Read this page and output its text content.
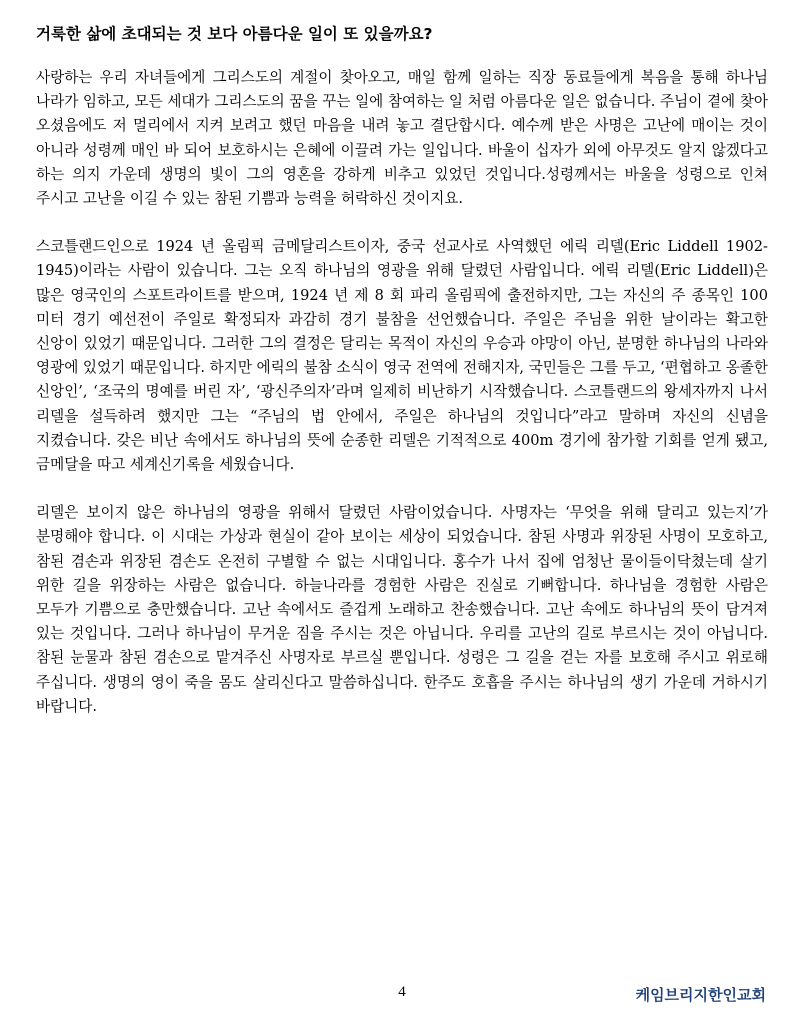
거룩한 삶에 초대되는 것 보다 아름다운 일이 또 있을까요?

사랑하는 우리 자녀들에게 그리스도의 계절이 찾아오고, 매일 함께 일하는 직장 동료들에게 복음을 통해 하나님 나라가 임하고, 모든 세대가 그리스도의 꿈을 꾸는 일에 참여하는 일 처럼 아름다운 일은 없습니다. 주님이 곁에 찾아 오셨음에도 저 멀리에서 지켜 보려고 했던 마음을 내려 놓고 결단합시다. 예수께 받은 사명은 고난에 매이는 것이 아니라 성령께 매인 바 되어 보호하시는 은혜에 이끌려 가는 일입니다. 바울이 십자가 외에 아무것도 알지 않겠다고 하는 의지 가운데 생명의 빛이 그의 영혼을 강하게 비추고 있었던 것입니다.성령께서는 바울을 성령으로 인쳐 주시고 고난을 이길 수 있는 참된 기쁨과 능력을 허락하신 것이지요.

스코틀랜드인으로 1924 년 올림픽 금메달리스트이자, 중국 선교사로 사역했던 에릭 리델(Eric Liddell 1902-1945)이라는 사람이 있습니다. 그는 오직 하나님의 영광을 위해 달렸던 사람입니다. 에릭 리델(Eric Liddell)은 많은 영국인의 스포트라이트를 받으며, 1924 년 제 8 회 파리 올림픽에 출전하지만, 그는 자신의 주 종목인 100 미터 경기 예선전이 주일로 확정되자 과감히 경기 불참을 선언했습니다. 주일은 주님을 위한 날이라는 확고한 신앙이 있었기 때문입니다. 그러한 그의 결정은 달리는 목적이 자신의 우승과 야망이 아닌, 분명한 하나님의 나라와 영광에 있었기 때문입니다. 하지만 에릭의 불참 소식이 영국 전역에 전해지자, 국민들은 그를 두고, ‘편협하고 옹졸한 신앙인’, ‘조국의 명예를 버린 자’, ‘광신주의자’라며 일제히 비난하기 시작했습니다. 스코틀랜드의 왕세자까지 나서 리델을 설득하려 했지만 그는 “주님의 법 안에서, 주일은 하나님의 것입니다”라고 말하며 자신의 신념을 지켰습니다. 갖은 비난 속에서도 하나님의 뜻에 순종한 리델은 기적적으로 400m 경기에 참가할 기회를 얻게 됐고, 금메달을 따고 세계신기록을 세웠습니다.

리델은 보이지 않은 하나님의 영광을 위해서 달렸던 사람이었습니다. 사명자는 ‘무엇을 위해 달리고 있는지’가 분명해야 합니다. 이 시대는 가상과 현실이 같아 보이는 세상이 되었습니다. 참된 사명과 위장된 사명이 모호하고, 참된 겸손과 위장된 겸손도 온전히 구별할 수 없는 시대입니다. 홍수가 나서 집에 엄청난 물이들이닥쳤는데 살기 위한 길을 위장하는 사람은 없습니다. 하늘나라를 경험한 사람은 진실로 기뻐합니다. 하나님을 경험한 사람은 모두가 기쁨으로 충만했습니다. 고난 속에서도 즐겁게 노래하고 찬송했습니다. 고난 속에도 하나님의 뜻이 담겨져 있는 것입니다. 그러나 하나님이 무거운 짐을 주시는 것은 아닙니다. 우리를 고난의 길로 부르시는 것이 아닙니다. 참된 눈물과 참된 겸손으로 맡겨주신 사명자로 부르실 뿐입니다. 성령은 그 길을 걷는 자를 보호해 주시고 위로해 주십니다. 생명의 영이 죽을 몸도 살리신다고 말씀하십니다. 한주도 호흡을 주시는 하나님의 생기 가운데 거하시기 바랍니다.

4	케임브리지한인교회
